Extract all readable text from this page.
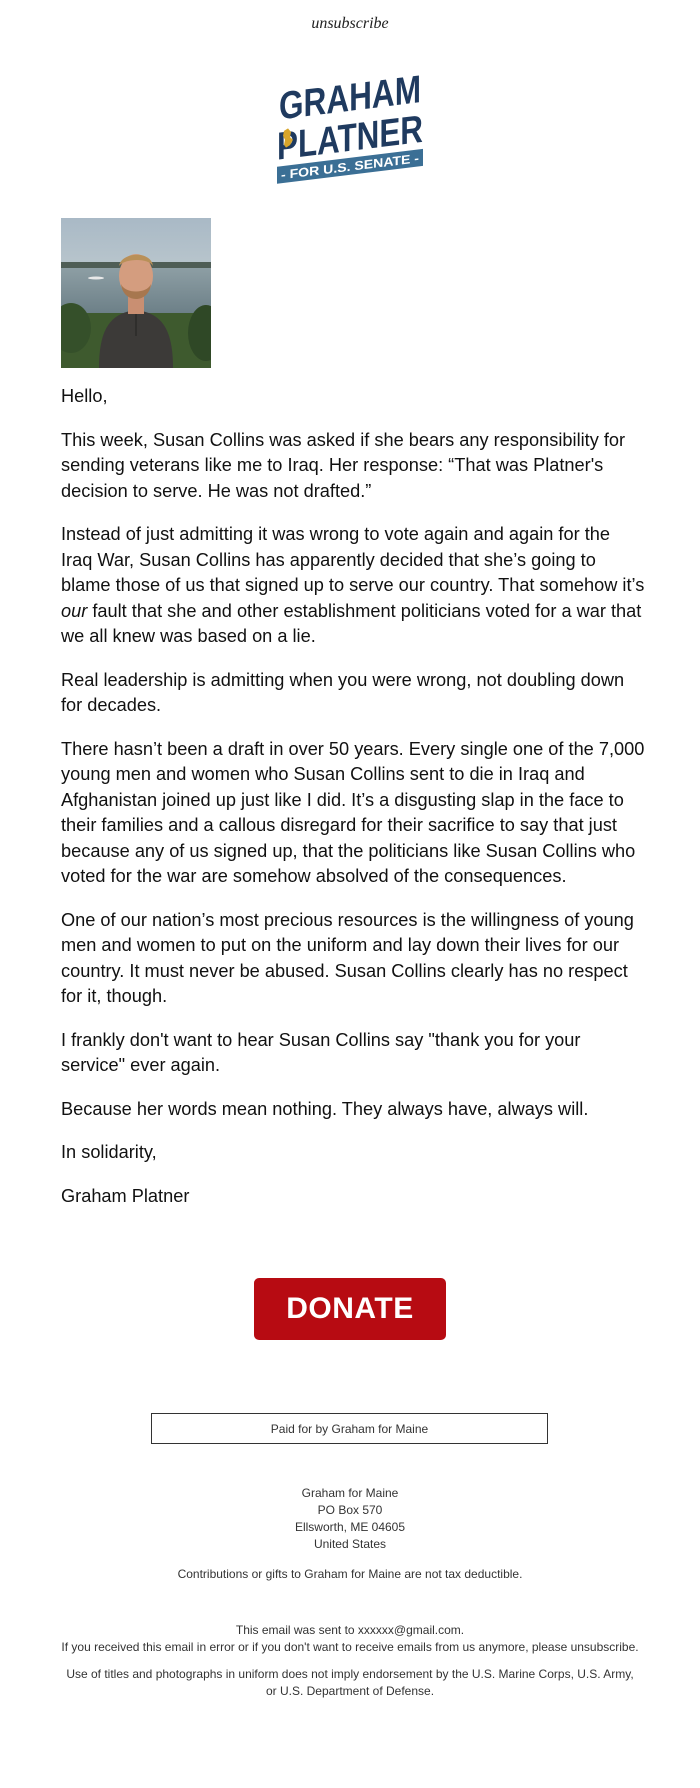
unsubscribe
GRAHAM
PLATNER
- FOR U.S. SENATE -

Hello,

This week, Susan Collins was asked if she bears any responsibility for sending veterans like me to Iraq. Her response: “That was Platner's decision to serve. He was not drafted.”

Instead of just admitting it was wrong to vote again and again for the Iraq War, Susan Collins has apparently decided that she’s going to blame those of us that signed up to serve our country. That somehow it’s our fault that she and other establishment politicians voted for a war that we all knew was based on a lie.

Real leadership is admitting when you were wrong, not doubling down for decades.

There hasn’t been a draft in over 50 years. Every single one of the 7,000 young men and women who Susan Collins sent to die in Iraq and Afghanistan joined up just like I did. It’s a disgusting slap in the face to their families and a callous disregard for their sacrifice to say that just because any of us signed up, that the politicians like Susan Collins who voted for the war are somehow absolved of the consequences.

One of our nation’s most precious resources is the willingness of young men and women to put on the uniform and lay down their lives for our country. It must never be abused. Susan Collins clearly has no respect for it, though.

I frankly don't want to hear Susan Collins say "thank you for your service" ever again.

Because her words mean nothing. They always have, always will.

In solidarity,

Graham Platner

DONATE
Paid for by Graham for Maine
Graham for Maine
PO Box 570
Ellsworth, ME 04605
United States
Contributions or gifts to Graham for Maine are not tax deductible.
This email was sent to xxxxxx@gmail.com.
If you received this email in error or if you don't want to receive emails from us anymore, please unsubscribe.
Use of titles and photographs in uniform does not imply endorsement by the U.S. Marine Corps, U.S. Army,
or U.S. Department of Defense.
